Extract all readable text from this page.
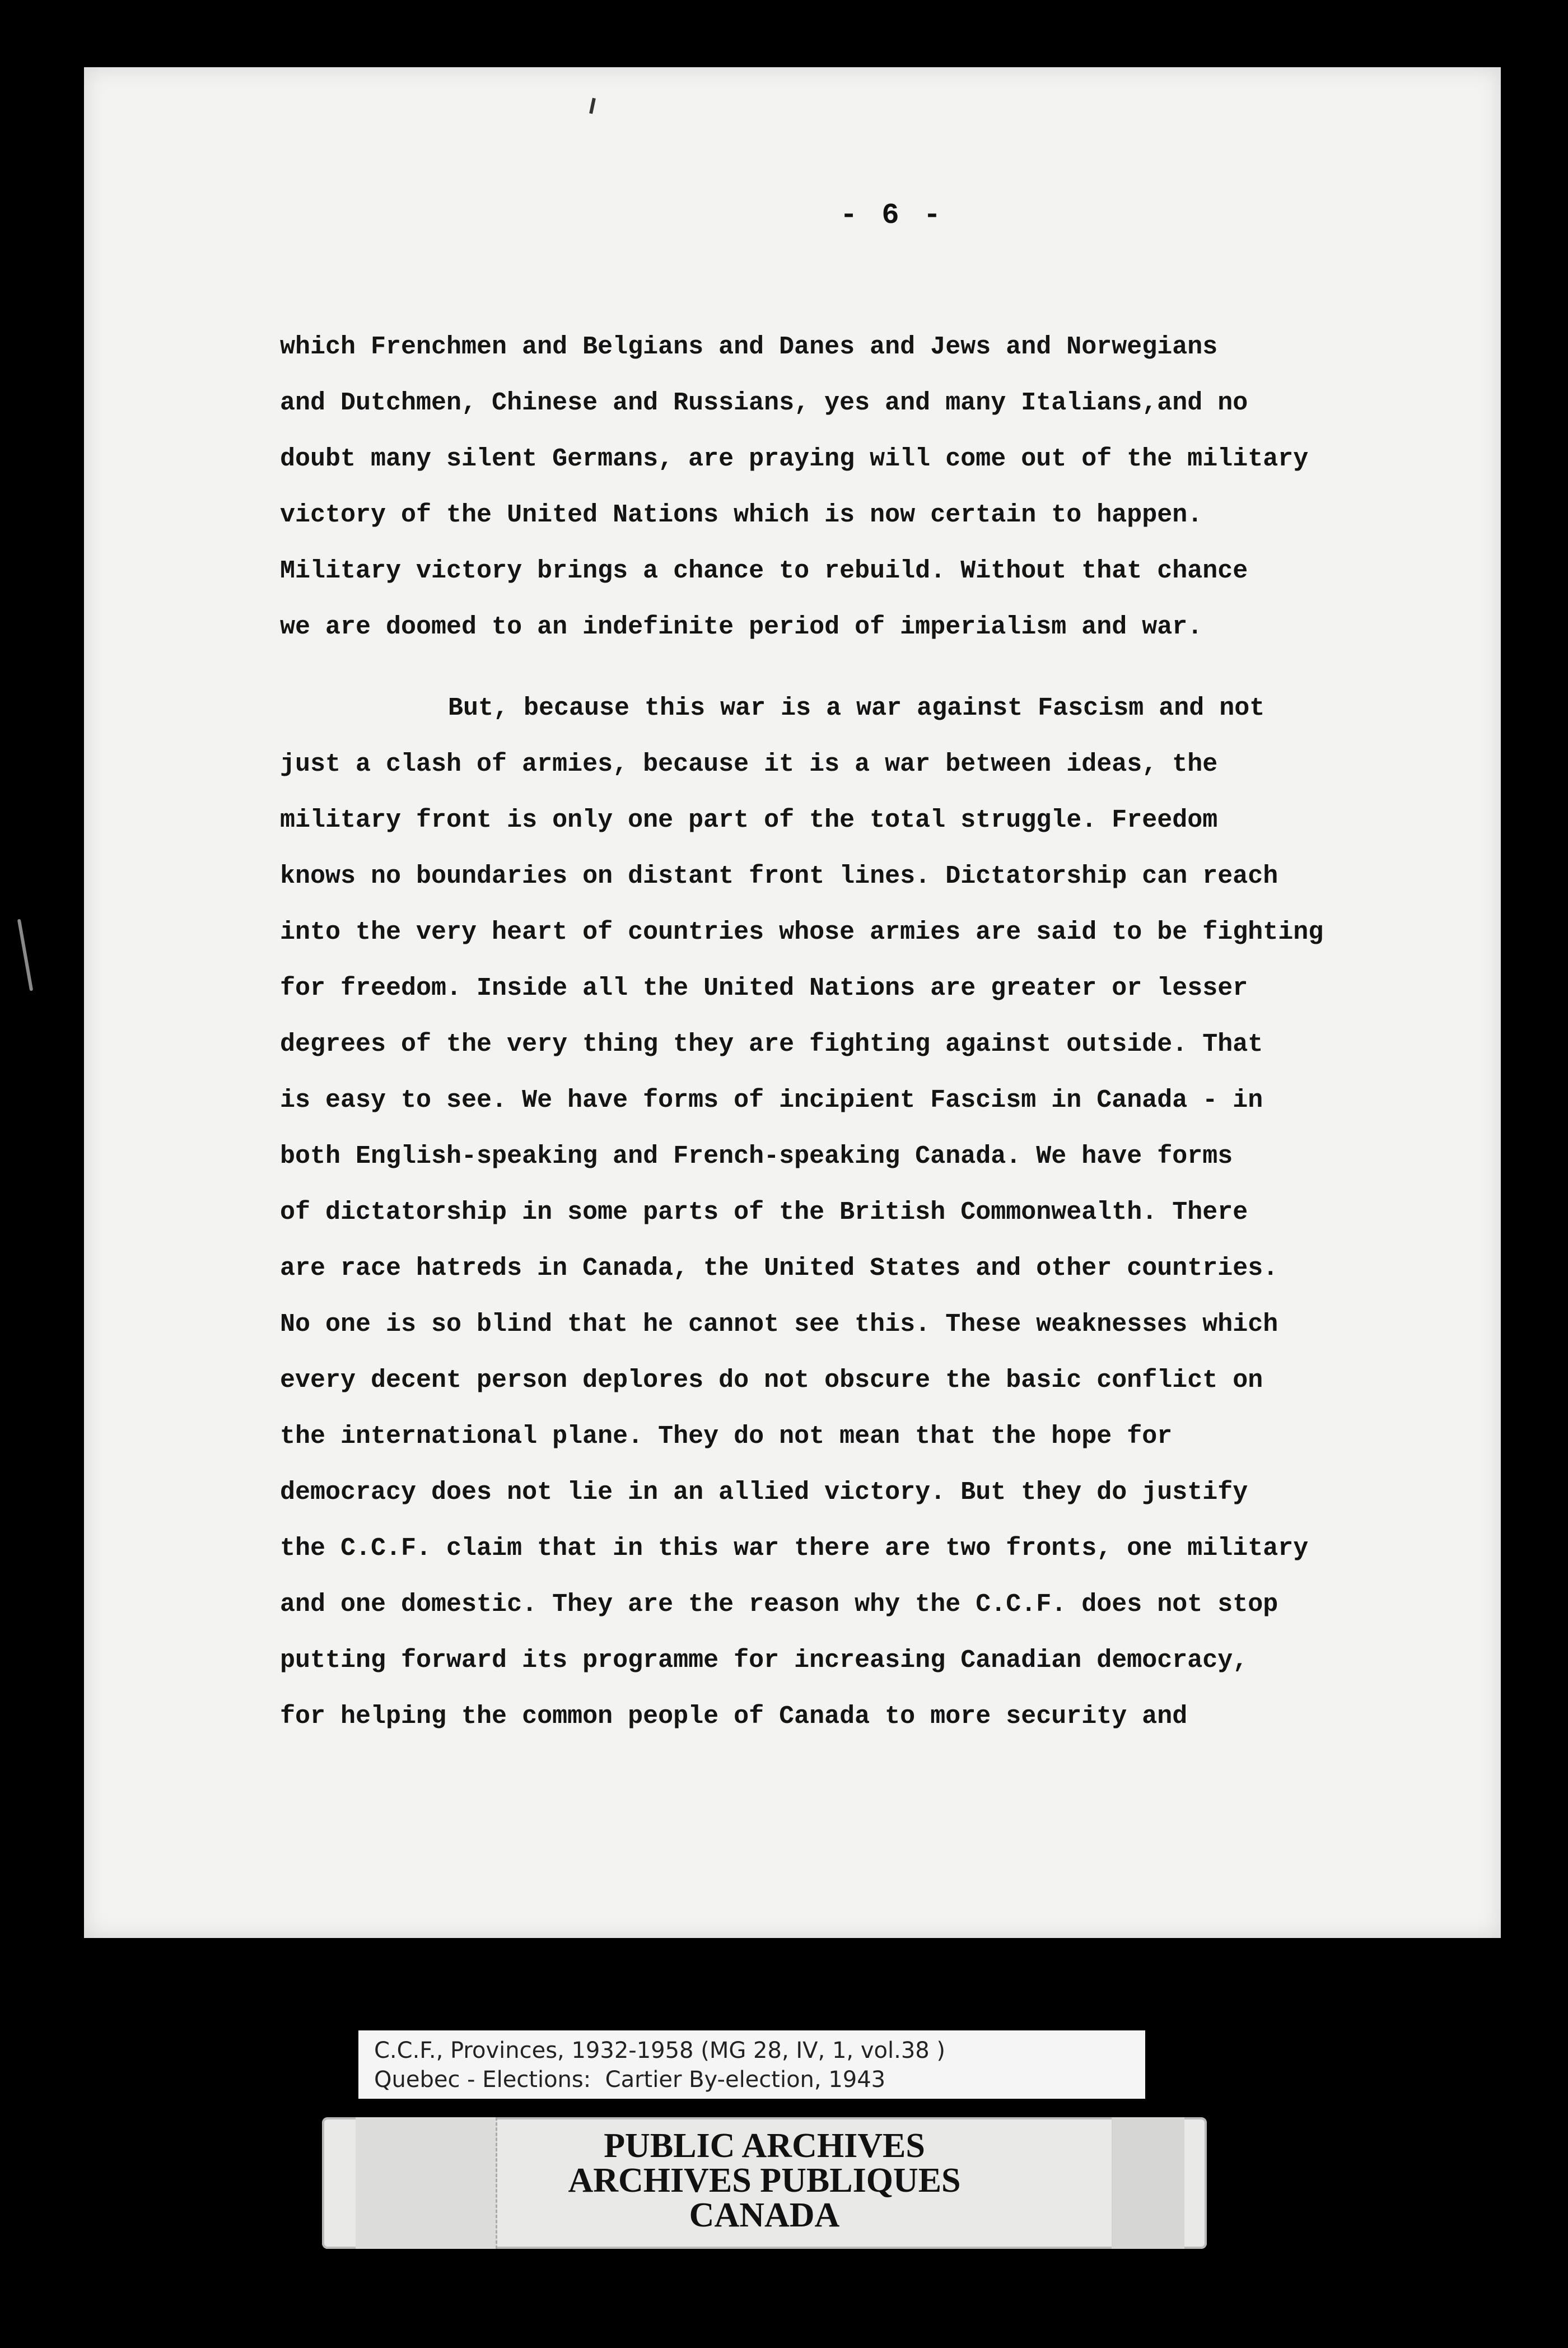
- 6 -
which Frenchmen and Belgians and Danes and Jews and Norwegians
and Dutchmen, Chinese and Russians, yes and many Italians,and no
doubt many silent Germans, are praying will come out of the military
victory of the United Nations which is now certain to happen.
Military victory brings a chance to rebuild. Without that chance
we are doomed to an indefinite period of imperialism and war.
But, because this war is a war against Fascism and not
just a clash of armies, because it is a war between ideas, the
military front is only one part of the total struggle. Freedom
knows no boundaries on distant front lines. Dictatorship can reach
into the very heart of countries whose armies are said to be fighting
for freedom. Inside all the United Nations are greater or lesser
degrees of the very thing they are fighting against outside. That
is easy to see. We have forms of incipient Fascism in Canada - in
both English-speaking and French-speaking Canada. We have forms
of dictatorship in some parts of the British Commonwealth. There
are race hatreds in Canada, the United States and other countries.
No one is so blind that he cannot see this. These weaknesses which
every decent person deplores do not obscure the basic conflict on
the international plane. They do not mean that the hope for
democracy does not lie in an allied victory. But they do justify
the C.C.F. claim that in this war there are two fronts, one military
and one domestic. They are the reason why the C.C.F. does not stop
putting forward its programme for increasing Canadian democracy,
for helping the common people of Canada to more security and
C.C.F., Provinces, 1932-1958 (MG 28, IV, 1, vol.38 )
Quebec - Elections:  Cartier By-election, 1943
PUBLIC ARCHIVES
ARCHIVES PUBLIQUES
CANADA
